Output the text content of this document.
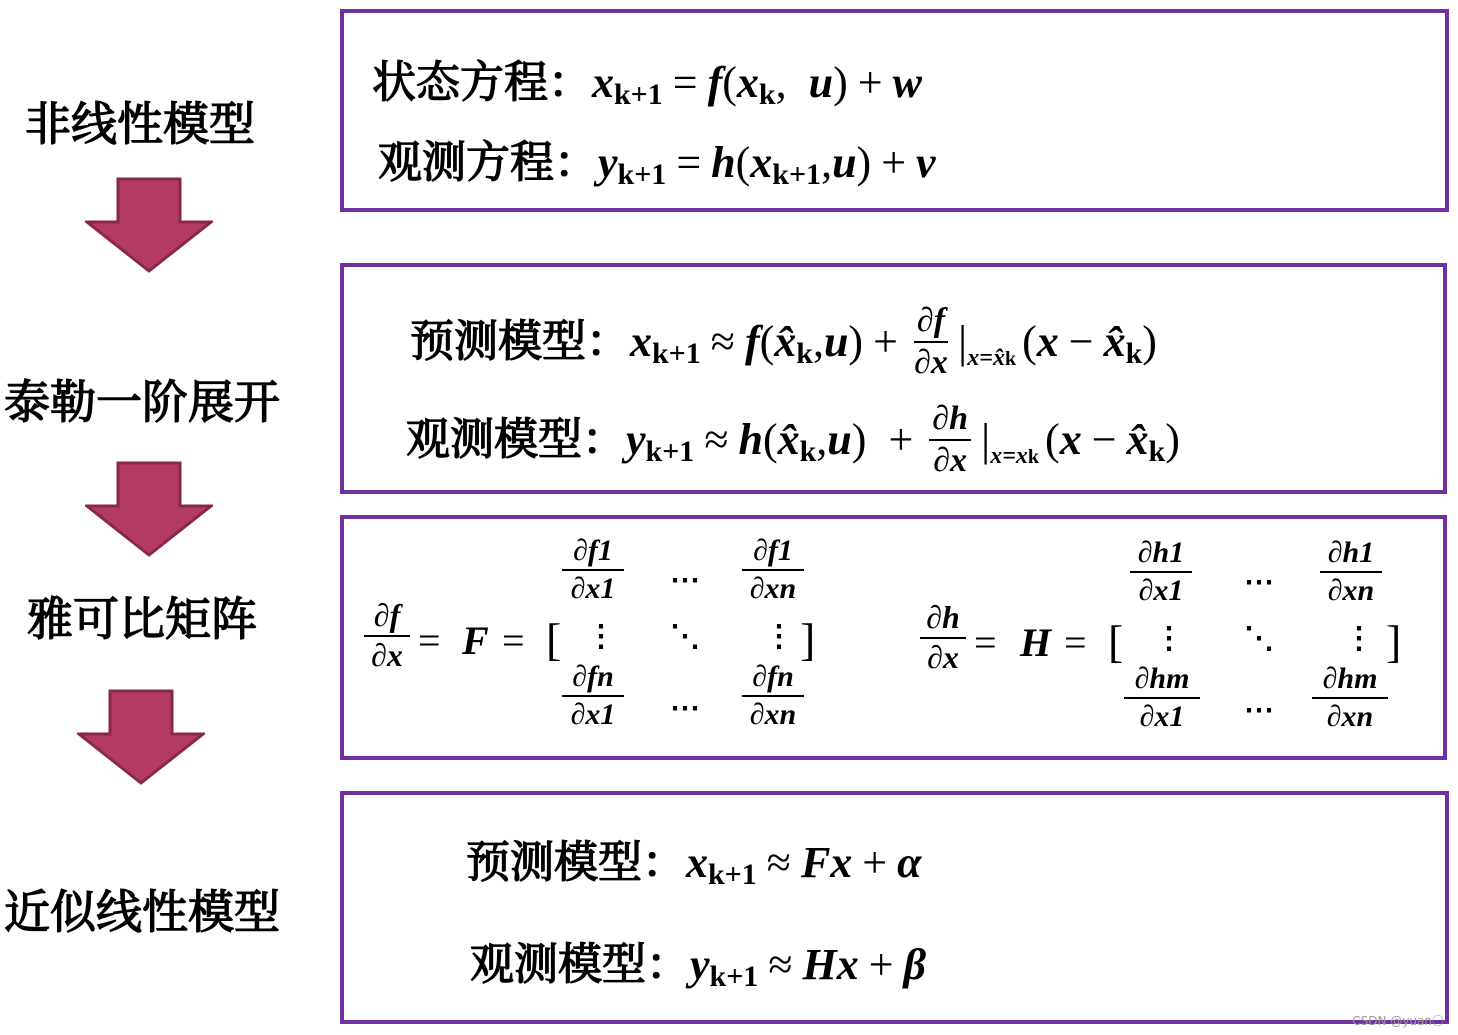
非线性模型
泰勒一阶展开
雅可比矩阵
近似线性模型
状态方程： x k+1 = f ( x k , u ) + w
观测方程： y k+1 = h ( x k+1 , u ) + v
预测模型： x k+1 ≈ f ( x̂ k , u ) + $\frac{\partial f}{\partial x}$ | x=x̂k ( x − x̂ k )
观测模型： y k+1 ≈ h ( x̂ k , u ) + $\frac{\partial h}{\partial x}$ | x=xk ( x − x̂ k )
$\frac{\partial f}{\partial x} = F$ = [
$\frac{\partial f1}{\partial x1}$ ⋯ $\frac{\partial f1}{\partial xn}$
⋮ ⋱ ⋮ ]
$\frac{\partial fn}{\partial x1}$ ⋯ $\frac{\partial fn}{\partial xn}$
$\frac{\partial h}{\partial x} = H$ = [
$\frac{\partial h1}{\partial x1}$ ⋯ $\frac{\partial h1}{\partial xn}$
⋮ ⋱ ⋮ ]
$\frac{\partial hm}{\partial x1}$ ⋯ $\frac{\partial hm}{\partial xn}$
预测模型： x k+1 ≈ F x + α
观测模型： y k+1 ≈ H x + β
CSDN @yuan〇
